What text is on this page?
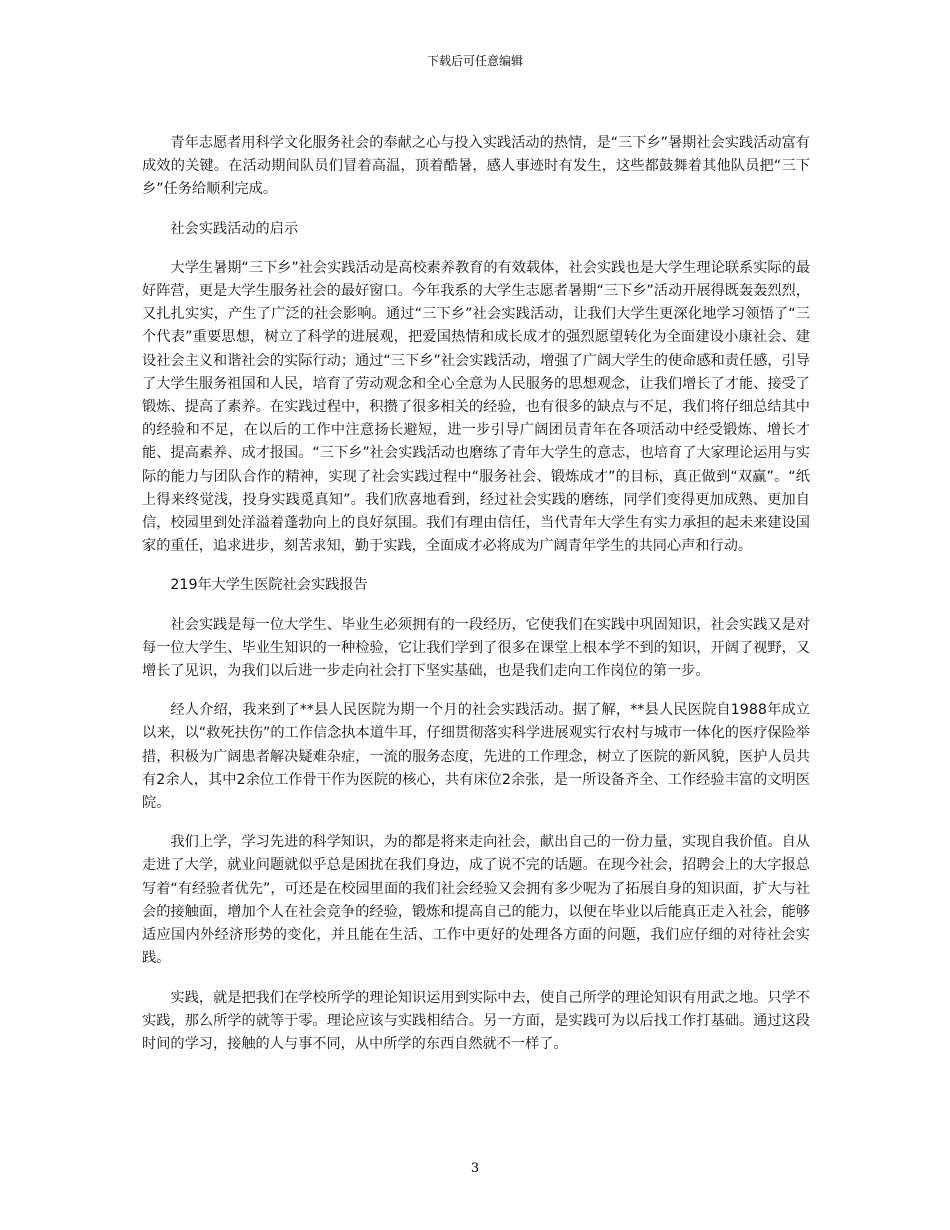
下载后可任意编辑

青年志愿者用科学文化服务社会的奉献之心与投入实践活动的热情，是“三下乡”暑期社会实践活动富有成效的关键。在活动期间队员们冒着高温，顶着酷暑，感人事迹时有发生，这些都鼓舞着其他队员把“三下乡”任务给顺利完成。

社会实践活动的启示

大学生暑期“三下乡”社会实践活动是高校素养教育的有效载体，社会实践也是大学生理论联系实际的最好阵营，更是大学生服务社会的最好窗口。今年我系的大学生志愿者暑期“三下乡”活动开展得既轰轰烈烈，又扎扎实实，产生了广泛的社会影响。通过“三下乡”社会实践活动，让我们大学生更深化地学习领悟了“三个代表”重要思想，树立了科学的进展观，把爱国热情和成长成才的强烈愿望转化为全面建设小康社会、建设社会主义和谐社会的实际行动；通过“三下乡”社会实践活动，增强了广阔大学生的使命感和责任感，引导了大学生服务祖国和人民，培育了劳动观念和全心全意为人民服务的思想观念，让我们增长了才能、接受了锻炼、提高了素养。在实践过程中，积攒了很多相关的经验，也有很多的缺点与不足，我们将仔细总结其中的经验和不足，在以后的工作中注意扬长避短，进一步引导广阔团员青年在各项活动中经受锻炼、增长才能、提高素养、成才报国。“三下乡”社会实践活动也磨练了青年大学生的意志，也培育了大家理论运用与实际的能力与团队合作的精神，实现了社会实践过程中“服务社会、锻炼成才”的目标，真正做到“双赢”。“纸上得来终觉浅，投身实践觅真知”。我们欣喜地看到，经过社会实践的磨练，同学们变得更加成熟、更加自信，校园里到处洋溢着蓬勃向上的良好氛围。我们有理由信任，当代青年大学生有实力承担的起未来建设国家的重任，追求进步，刻苦求知，勤于实践，全面成才必将成为广阔青年学生的共同心声和行动。

219年大学生医院社会实践报告

社会实践是每一位大学生、毕业生必须拥有的一段经历，它使我们在实践中巩固知识，社会实践又是对每一位大学生、毕业生知识的一种检验，它让我们学到了很多在课堂上根本学不到的知识，开阔了视野，又增长了见识，为我们以后进一步走向社会打下坚实基础，也是我们走向工作岗位的第一步。

经人介绍，我来到了**县人民医院为期一个月的社会实践活动。据了解，**县人民医院自1988年成立以来，以“救死扶伤”的工作信念执本道牛耳，仔细贯彻落实科学进展观实行农村与城市一体化的医疗保险举措，积极为广阔患者解决疑难杂症，一流的服务态度，先进的工作理念，树立了医院的新风貌，医护人员共有2余人，其中2余位工作骨干作为医院的核心，共有床位2余张，是一所设备齐全、工作经验丰富的文明医院。

我们上学，学习先进的科学知识，为的都是将来走向社会，献出自己的一份力量，实现自我价值。自从走进了大学，就业问题就似乎总是困扰在我们身边，成了说不完的话题。在现今社会，招聘会上的大字报总写着“有经验者优先”，可还是在校园里面的我们社会经验又会拥有多少呢为了拓展自身的知识面，扩大与社会的接触面，增加个人在社会竞争的经验，锻炼和提高自己的能力，以便在毕业以后能真正走入社会，能够适应国内外经济形势的变化，并且能在生活、工作中更好的处理各方面的问题，我们应仔细的对待社会实践。

实践，就是把我们在学校所学的理论知识运用到实际中去，使自己所学的理论知识有用武之地。只学不实践，那么所学的就等于零。理论应该与实践相结合。另一方面，是实践可为以后找工作打基础。通过这段时间的学习，接触的人与事不同，从中所学的东西自然就不一样了。

3
